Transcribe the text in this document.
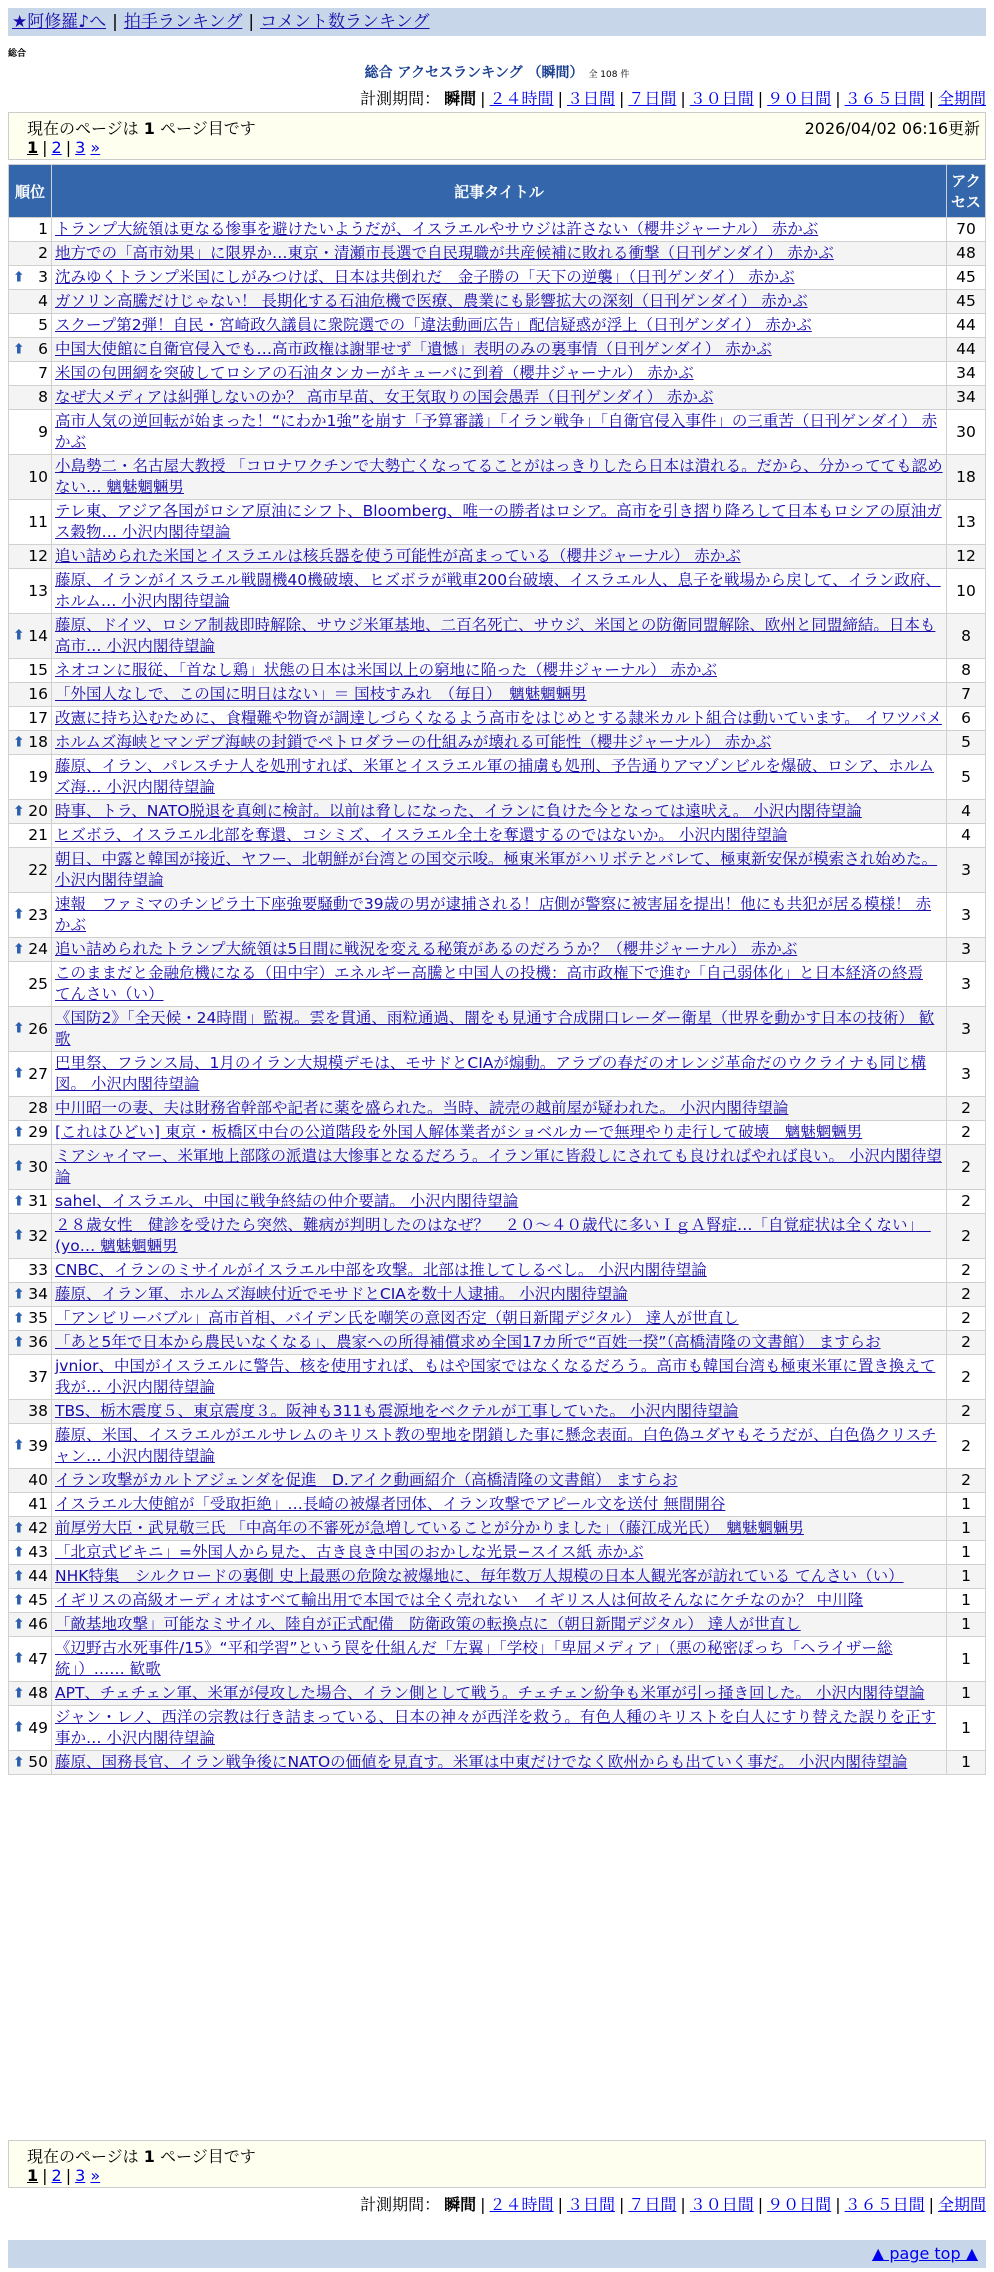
★阿修羅♪へ | 拍手ランキング | コメント数ランキング
総合
総合 アクセスランキング （瞬間） 全 108 件
計測期間： 瞬間 | ２４時間 | ３日間 | ７日間 | ３０日間 | ９０日間 | ３６５日間 | 全期間
現在のページは 1 ページ目です	2026/04/02 06:16更新
1 | 2 | 3 »
順位	記事タイトル	アクセス
1	トランプ大統領は更なる惨事を避けたいようだが、イスラエルやサウジは許さない（櫻井ジャーナル） 赤かぶ	70
2	地方での「高市効果」に限界か…東京・清瀬市長選で自民現職が共産候補に敗れる衝撃（日刊ゲンダイ） 赤かぶ	48

⬆ 3	沈みゆくトランプ米国にしがみつけば、日本は共倒れだ　金子勝の「天下の逆襲」（日刊ゲンダイ） 赤かぶ	45
4	ガソリン高騰だけじゃない！ 長期化する石油危機で医療、農業にも影響拡大の深刻（日刊ゲンダイ） 赤かぶ	45
5	スクープ第2弾！自民・宮崎政久議員に衆院選での「違法動画広告」配信疑惑が浮上（日刊ゲンダイ） 赤かぶ	44

⬆ 6	中国大使館に自衛官侵入でも…高市政権は謝罪せず「遺憾」表明のみの裏事情（日刊ゲンダイ） 赤かぶ	44
7	米国の包囲網を突破してロシアの石油タンカーがキューバに到着（櫻井ジャーナル） 赤かぶ	34
8	なぜ大メディアは糾弾しないのか？ 高市早苗、女王気取りの国会愚弄（日刊ゲンダイ） 赤かぶ	34
9	高市人気の逆回転が始まった！“にわか1強”を崩す「予算審議」「イラン戦争」「自衛官侵入事件」の三重苦（日刊ゲンダイ） 赤かぶ	30
10	小島勢二・名古屋大教授 「コロナワクチンで大勢亡くなってることがはっきりしたら日本は潰れる。だから、分かってても認めない… 魑魅魍魎男	18
11	テレ東、アジア各国がロシア原油にシフト、Bloomberg、唯一の勝者はロシア。高市を引き摺り降ろして日本もロシアの原油ガス穀物… 小沢内閣待望論	13
12	追い詰められた米国とイスラエルは核兵器を使う可能性が高まっている（櫻井ジャーナル） 赤かぶ	12
13	藤原、イランがイスラエル戦闘機40機破壊、ヒズボラが戦車200台破壊、イスラエル人、息子を戦場から戻して、イラン政府、ホルム… 小沢内閣待望論	10

⬆ 14	藤原、ドイツ、ロシア制裁即時解除、サウジ米軍基地、二百名死亡、サウジ、米国との防衛同盟解除、欧州と同盟締結。日本も高市… 小沢内閣待望論	8
15	ネオコンに服従、「首なし鶏」状態の日本は米国以上の窮地に陥った（櫻井ジャーナル） 赤かぶ	8
16	「外国人なしで、この国に明日はない」＝ 国枝すみれ　（毎日）　魑魅魍魎男	7
17	改憲に持ち込むために、食糧難や物資が調達しづらくなるよう高市をはじめとする隷米カルト組合は動いています。 イワツバメ	6

⬆ 18	ホルムズ海峡とマンデブ海峡の封鎖でペトロダラーの仕組みが壊れる可能性（櫻井ジャーナル） 赤かぶ	5
19	藤原、イラン、パレスチナ人を処刑すれば、米軍とイスラエル軍の捕虜も処刑、予告通りアマゾンビルを爆破、ロシア、ホルムズ海… 小沢内閣待望論	5

⬆ 20	時事、トラ、NATO脱退を真剣に検討。以前は脅しになった、イランに負けた今となっては遠吠え。 小沢内閣待望論	4
21	ヒズボラ、イスラエル北部を奪還、コシミズ、イスラエル全土を奪還するのではないか。 小沢内閣待望論	4
22	朝日、中露と韓国が接近、ヤフー、北朝鮮が台湾との国交示唆。極東米軍がハリボテとバレて、極東新安保が模索され始めた。 小沢内閣待望論	3

⬆ 23	速報　ファミマのチンピラ土下座強要騒動で39歳の男が逮捕される！店側が警察に被害届を提出！他にも共犯が居る模様！ 赤かぶ	3

⬆ 24	追い詰められたトランプ大統領は5日間に戦況を変える秘策があるのだろうか？（櫻井ジャーナル） 赤かぶ	3
25	このままだと金融危機になる（田中宇）エネルギー高騰と中国人の投機：高市政権下で進む「自己弱体化」と日本経済の終焉 てんさい（い）	3

⬆ 26	《国防2》「全天候・24時間」監視。雲を貫通、雨粒通過、闇をも見通す合成開口レーダー衛星（世界を動かす日本の技術） 歓歌	3

⬆ 27	巴里祭、フランス局、1月のイラン大規模デモは、モサドとCIAが煽動。アラブの春だのオレンジ革命だのウクライナも同じ構図。 小沢内閣待望論	3
28	中川昭一の妻、夫は財務省幹部や記者に薬を盛られた。当時、読売の越前屋が疑われた。 小沢内閣待望論	2

⬆ 29	[これはひどい] 東京・板橋区中台の公道階段を外国人解体業者がショベルカーで無理やり走行して破壊　魑魅魍魎男	2

⬆ 30	ミアシャイマー、米軍地上部隊の派遣は大惨事となるだろう。イラン軍に皆殺しにされても良ければやれば良い。 小沢内閣待望論	2

⬆ 31	sahel、イスラエル、中国に戦争終結の仲介要請。 小沢内閣待望論	2

⬆ 32	２８歳女性　健診を受けたら突然、難病が判明したのはなぜ？　２０～４０歳代に多いＩｇＡ腎症…「自覚症状は全くない」　(yo… 魑魅魍魎男	2
33	CNBC、イランのミサイルがイスラエル中部を攻撃。北部は推してしるべし。 小沢内閣待望論	2

⬆ 34	藤原、イラン軍、ホルムズ海峡付近でモサドとCIAを数十人逮捕。 小沢内閣待望論	2

⬆ 35	「アンビリーバブル」高市首相、バイデン氏を嘲笑の意図否定（朝日新聞デジタル） 達人が世直し	2

⬆ 36	「あと5年で日本から農民いなくなる」、農家への所得補償求め全国17カ所で“百姓一揆”（高橋清隆の文書館） ますらお	2
37	jvnior、中国がイスラエルに警告、核を使用すれば、もはや国家ではなくなるだろう。高市も韓国台湾も極東米軍に置き換えて我が… 小沢内閣待望論	2
38	TBS、栃木震度５、東京震度３。阪神も311も震源地をベクテルが工事していた。 小沢内閣待望論	2

⬆ 39	藤原、米国、イスラエルがエルサレムのキリスト教の聖地を閉鎖した事に懸念表面。白色偽ユダヤもそうだが、白色偽クリスチャン… 小沢内閣待望論	2
40	イラン攻撃がカルトアジェンダを促進　D.アイク動画紹介（高橋清隆の文書館） ますらお	2
41	イスラエル大使館が「受取拒絶」…長崎の被爆者団体、イラン攻撃でアピール文を送付 無間開谷	1

⬆ 42	前厚労大臣・武見敬三氏 「中高年の不審死が急増していることが分かりました」（藤江成光氏）　魑魅魍魎男	1

⬆ 43	「北京式ビキニ」=外国人から見た、古き良き中国のおかしな光景−スイス紙 赤かぶ	1

⬆ 44	NHK特集　シルクロードの裏側 史上最悪の危険な被爆地に、毎年数万人規模の日本人観光客が訪れている てんさい（い）	1

⬆ 45	イギリスの高級オーディオはすべて輸出用で本国では全く売れない　イギリス人は何故そんなにケチなのか？ 中川隆	1

⬆ 46	「敵基地攻撃」可能なミサイル、陸自が正式配備　防衛政策の転換点に（朝日新聞デジタル） 達人が世直し	1

⬆ 47	《辺野古水死事件/15》“平和学習”という罠を仕組んだ「左翼」「学校」「卑屈メディア」（悪の秘密ぽっち「ヘライザー総統」）…… 歓歌	1

⬆ 48	APT、チェチェン軍、米軍が侵攻した場合、イラン側として戦う。チェチェン紛争も米軍が引っ掻き回した。 小沢内閣待望論	1

⬆ 49	ジャン・レノ、西洋の宗教は行き詰まっている、日本の神々が西洋を救う。有色人種のキリストを白人にすり替えた誤りを正す事か… 小沢内閣待望論	1

⬆ 50	藤原、国務長官、イラン戦争後にNATOの価値を見直す。米軍は中東だけでなく欧州からも出ていく事だ。 小沢内閣待望論	1
計測期間： 瞬間 | ２４時間 | ３日間 | ７日間 | ３０日間 | ９０日間 | ３６５日間 | 全期間
現在のページは 1 ページ目です
1 | 2 | 3 »
▲ page top ▲
